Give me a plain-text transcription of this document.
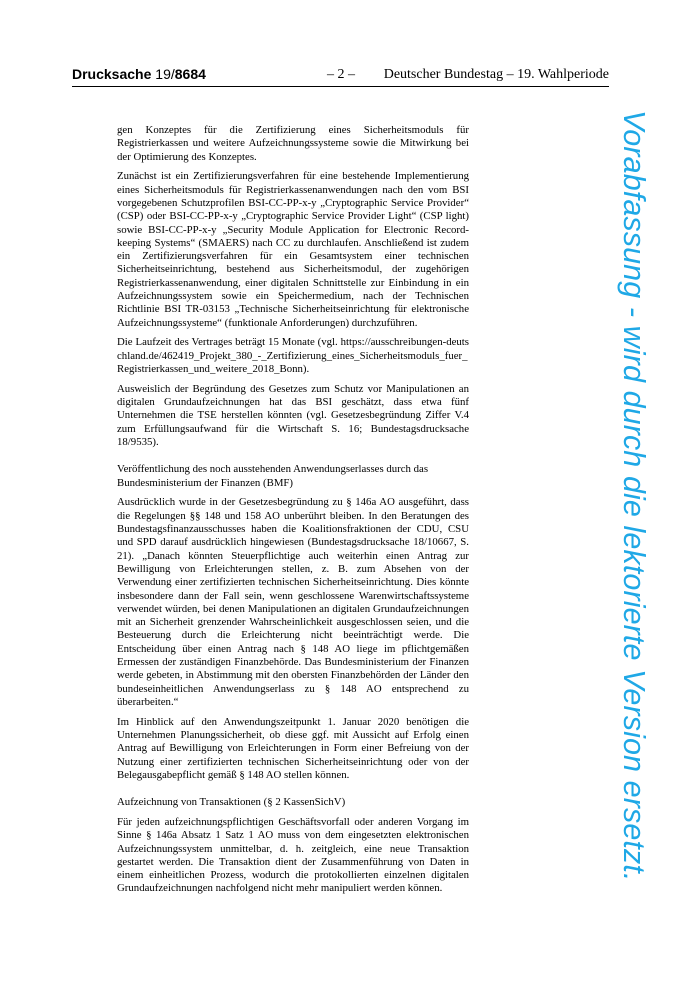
Drucksache 19/8684	– 2 – Deutscher Bundestag – 19. Wahlperiode

gen Konzeptes für die Zertifizierung eines Sicherheitsmoduls für Registrierkassen und weitere Aufzeichnungssysteme sowie die Mitwirkung bei der Optimierung des Konzeptes.

Zunächst ist ein Zertifizierungsverfahren für eine bestehende Implementierung eines Sicherheitsmoduls für Registrierkassenanwendungen nach den vom BSI vorgegebenen Schutzprofilen BSI-CC-PP-x-y „Cryptographic Service Provider“ (CSP) oder BSI-CC-PP-x-y „Cryptographic Service Provider Light“ (CSP light) sowie BSI-CC-PP-x-y „Security Module Application for Electronic Record-keeping Systems“ (SMAERS) nach CC zu durchlaufen. Anschließend ist zudem ein Zertifizierungsverfahren für ein Gesamtsystem einer technischen Sicherheitseinrichtung, bestehend aus Sicherheitsmodul, der zugehörigen Registrierkassenanwendung, einer digitalen Schnittstelle zur Einbindung in ein Aufzeichnungssystem sowie ein Speichermedium, nach der Technischen Richtlinie BSI TR-03153 „Technische Sicherheitseinrichtung für elektronische Aufzeichnungssysteme“ (funktionale Anforderungen) durchzuführen.

Die Laufzeit des Vertrages beträgt 15 Monate (vgl. https://ausschreibungen-deutschland.de/462419_Projekt_380_-_Zertifizierung_eines_Sicherheitsmoduls_fuer_Registrierkassen_und_weitere_2018_Bonn).

Ausweislich der Begründung des Gesetzes zum Schutz vor Manipulationen an digitalen Grundaufzeichnungen hat das BSI geschätzt, dass etwa fünf Unternehmen die TSE herstellen könnten (vgl. Gesetzesbegründung Ziffer V.4 zum Erfüllungsaufwand für die Wirtschaft S. 16; Bundestagsdrucksache 18/9535).

Veröffentlichung des noch ausstehenden Anwendungserlasses durch das Bundesministerium der Finanzen (BMF)

Ausdrücklich wurde in der Gesetzesbegründung zu § 146a AO ausgeführt, dass die Regelungen §§ 148 und 158 AO unberührt bleiben. In den Beratungen des Bundestagsfinanzausschusses haben die Koalitionsfraktionen der CDU, CSU und SPD darauf ausdrücklich hingewiesen (Bundestagsdrucksache 18/10667, S. 21). „Danach könnten Steuerpflichtige auch weiterhin einen Antrag zur Bewilligung von Erleichterungen stellen, z. B. zum Absehen von der Verwendung einer zertifizierten technischen Sicherheitseinrichtung. Dies könnte insbesondere dann der Fall sein, wenn geschlossene Warenwirtschaftssysteme verwendet würden, bei denen Manipulationen an digitalen Grundaufzeichnungen mit an Sicherheit grenzender Wahrscheinlichkeit ausgeschlossen seien, und die Besteuerung durch die Erleichterung nicht beeinträchtigt werde. Die Entscheidung über einen Antrag nach § 148 AO liege im pflichtgemäßen Ermessen der zuständigen Finanzbehörde. Das Bundesministerium der Finanzen werde gebeten, in Abstimmung mit den obersten Finanzbehörden der Länder den bundeseinheitlichen Anwendungserlass zu § 148 AO entsprechend zu überarbeiten.“

Im Hinblick auf den Anwendungszeitpunkt 1. Januar 2020 benötigen die Unternehmen Planungssicherheit, ob diese ggf. mit Aussicht auf Erfolg einen Antrag auf Bewilligung von Erleichterungen in Form einer Befreiung von der Nutzung einer zertifizierten technischen Sicherheitseinrichtung oder von der Belegausgabepflicht gemäß § 148 AO stellen können.

Aufzeichnung von Transaktionen (§ 2 KassenSichV)

Für jeden aufzeichnungspflichtigen Geschäftsvorfall oder anderen Vorgang im Sinne § 146a Absatz 1 Satz 1 AO muss von dem eingesetzten elektronischen Aufzeichnungssystem unmittelbar, d. h. zeitgleich, eine neue Transaktion gestartet werden. Die Transaktion dient der Zusammenführung von Daten in einem einheitlichen Prozess, wodurch die protokollierten einzelnen digitalen Grundaufzeichnungen nachfolgend nicht mehr manipuliert werden können.

Vorabfassung - wird durch die lektorierte Version ersetzt.
